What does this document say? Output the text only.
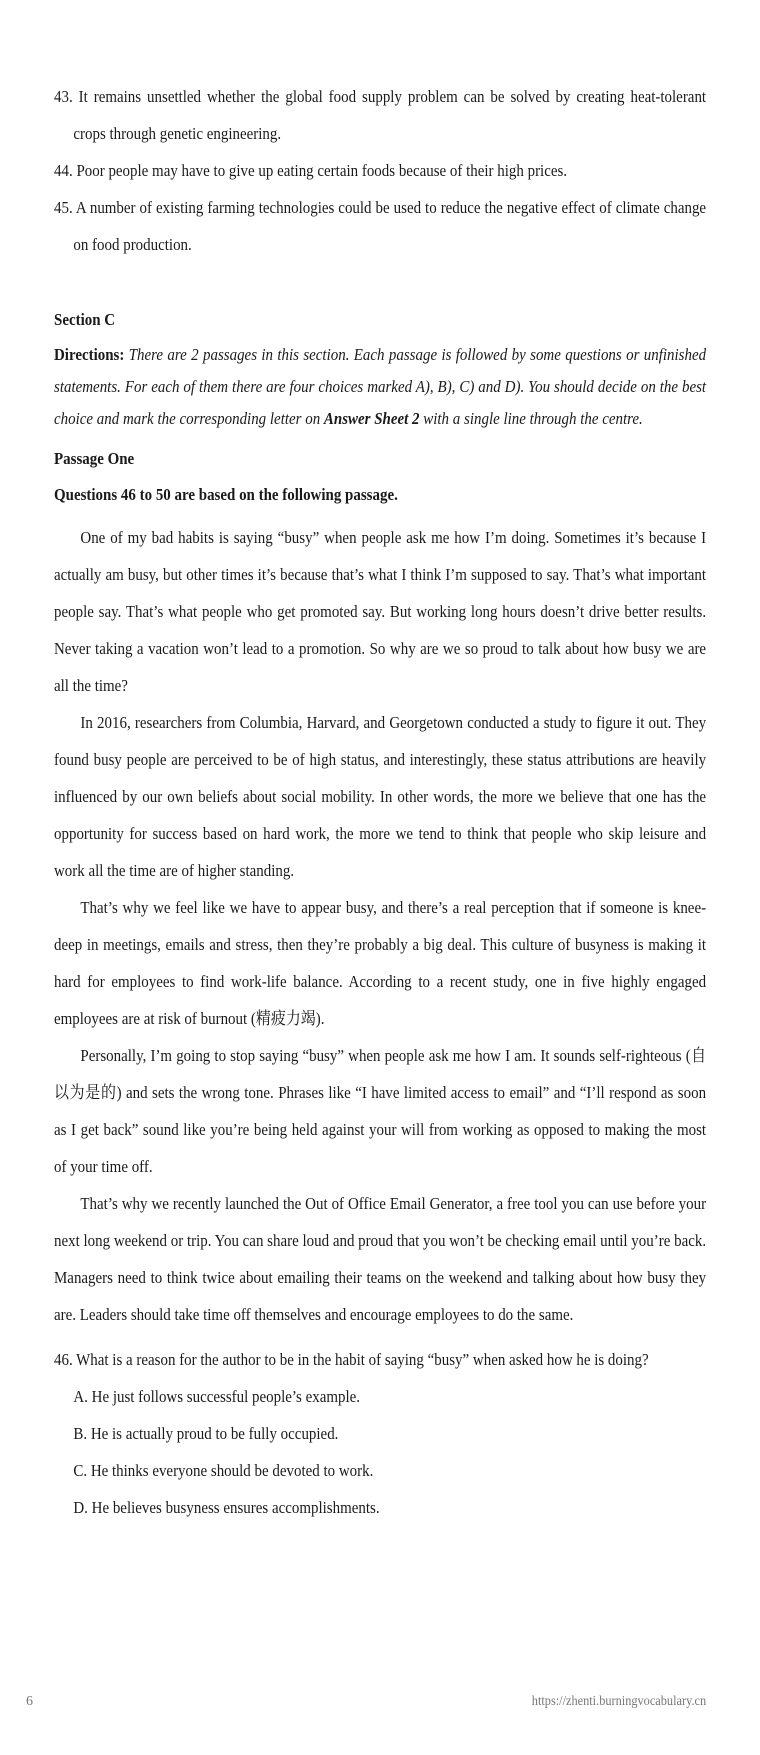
43. It remains unsettled whether the global food supply problem can be solved by creating heat-tolerant crops through genetic engineering.

44. Poor people may have to give up eating certain foods because of their high prices.

45. A number of existing farming technologies could be used to reduce the negative effect of climate change on food production.

Section C

Directions: There are 2 passages in this section. Each passage is followed by some questions or unfinished statements. For each of them there are four choices marked A), B), C) and D). You should decide on the best choice and mark the corresponding letter on Answer Sheet 2 with a single line through the centre.

Passage One

Questions 46 to 50 are based on the following passage.

One of my bad habits is saying “busy” when people ask me how I’m doing. Sometimes it’s because I actually am busy, but other times it’s because that’s what I think I’m supposed to say. That’s what important people say. That’s what people who get promoted say. But working long hours doesn’t drive better results. Never taking a vacation won’t lead to a promotion. So why are we so proud to talk about how busy we are all the time?

In 2016, researchers from Columbia, Harvard, and Georgetown conducted a study to figure it out. They found busy people are perceived to be of high status, and interestingly, these status attributions are heavily influenced by our own beliefs about social mobility. In other words, the more we believe that one has the opportunity for success based on hard work, the more we tend to think that people who skip leisure and work all the time are of higher standing.

That’s why we feel like we have to appear busy, and there’s a real perception that if someone is knee-deep in meetings, emails and stress, then they’re probably a big deal. This culture of busyness is making it hard for employees to find work-life balance. According to a recent study, one in five highly engaged employees are at risk of burnout (精疲力竭).

Personally, I’m going to stop saying “busy” when people ask me how I am. It sounds self-righteous (自以为是的) and sets the wrong tone. Phrases like “I have limited access to email” and “I’ll respond as soon as I get back” sound like you’re being held against your will from working as opposed to making the most of your time off.

That’s why we recently launched the Out of Office Email Generator, a free tool you can use before your next long weekend or trip. You can share loud and proud that you won’t be checking email until you’re back. Managers need to think twice about emailing their teams on the weekend and talking about how busy they are. Leaders should take time off themselves and encourage employees to do the same.

46. What is a reason for the author to be in the habit of saying “busy” when asked how he is doing?

A. He just follows successful people’s example.

B. He is actually proud to be fully occupied.

C. He thinks everyone should be devoted to work.

D. He believes busyness ensures accomplishments.

6	https://zhenti.burningvocabulary.cn
